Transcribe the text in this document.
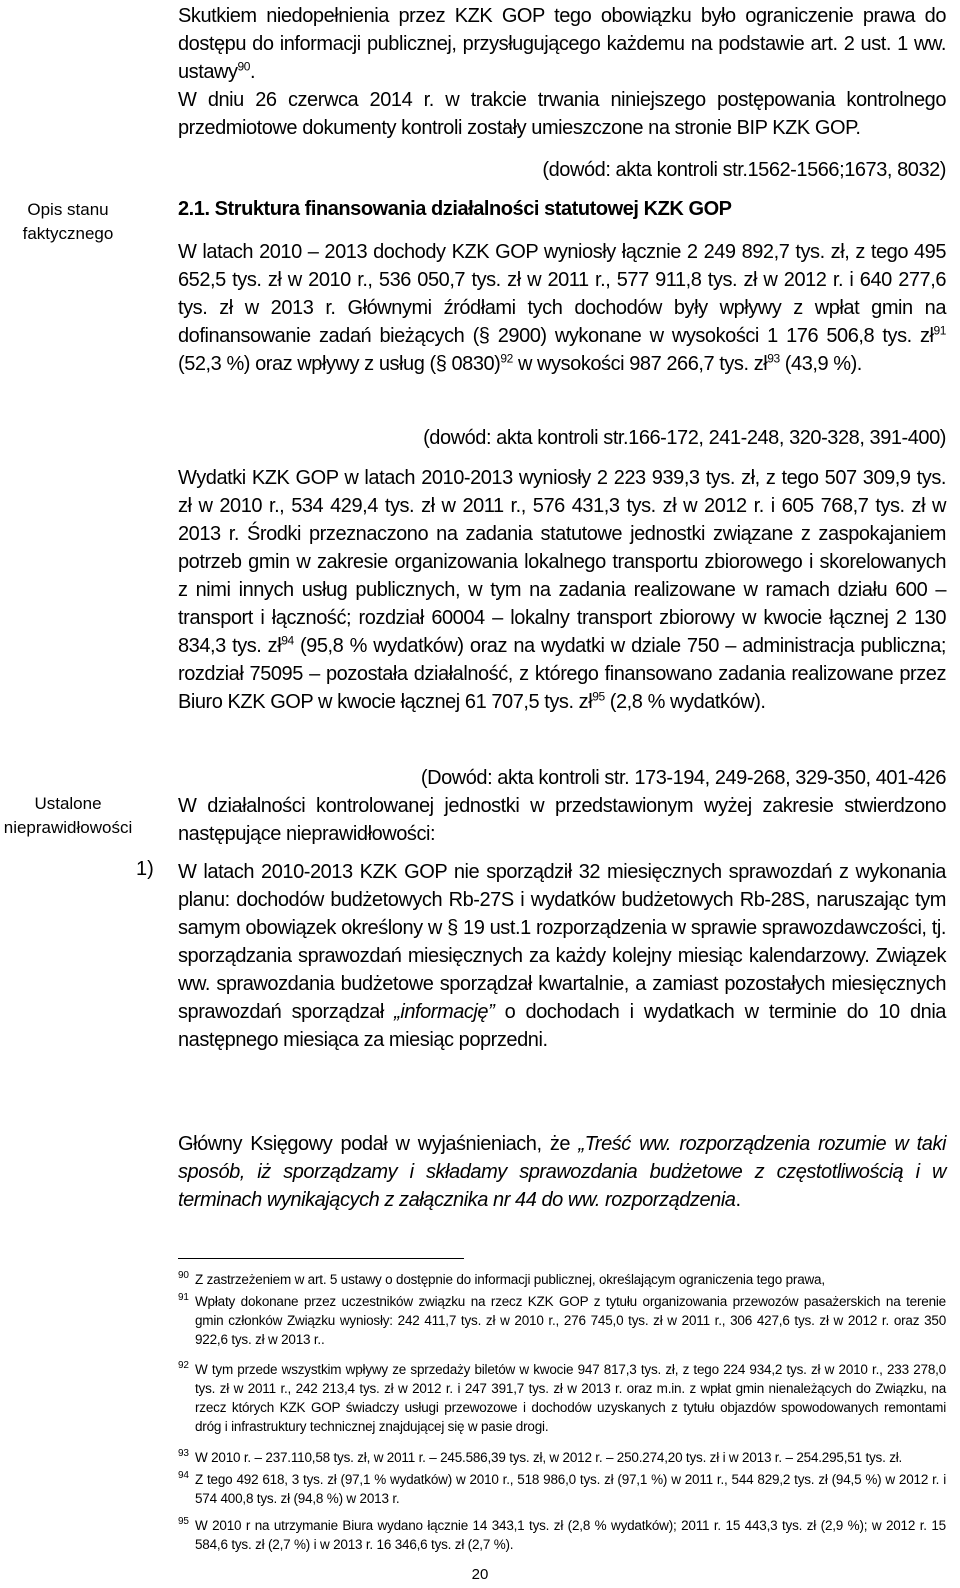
Opis stanu faktycznego
Ustalone nieprawidłowości

Skutkiem niedopełnienia przez KZK GOP tego obowiązku było ograniczenie prawa do dostępu do informacji publicznej, przysługującego każdemu na podstawie art. 2 ust. 1 ww. ustawy$^{90}$.

W dniu 26 czerwca 2014 r. w trakcie trwania niniejszego postępowania kontrolnego przedmiotowe dokumenty kontroli zostały umieszczone na stronie BIP KZK GOP.

(dowód: akta kontroli str.1562-1566;1673, 8032)
2.1. Struktura finansowania działalności statutowej KZK GOP

W latach 2010 – 2013 dochody KZK GOP wyniosły łącznie 2 249 892,7 tys. zł, z tego 495 652,5 tys. zł w 2010 r., 536 050,7 tys. zł w 2011 r., 577 911,8 tys. zł w 2012 r. i 640 277,6 tys. zł w 2013 r. Głównymi źródłami tych dochodów były wpływy z wpłat gmin na dofinansowanie zadań bieżących (§ 2900) wykonane w wysokości 1 176 506,8 tys. $zł^{91}$ (52,3 %) oraz wpływy z usług (§ 0830)$^{92}$ w wysokości 987 266,7 tys. $zł^{93}$ (43,9 %).

(dowód: akta kontroli str.166-172, 241-248, 320-328, 391-400)

Wydatki KZK GOP w latach 2010-2013 wyniosły 2 223 939,3 tys. zł, z tego 507 309,9 tys. zł w 2010 r., 534 429,4 tys. zł w 2011 r., 576 431,3 tys. zł w 2012 r. i 605 768,7 tys. zł w 2013 r. Środki przeznaczono na zadania statutowe jednostki związane z zaspokajaniem potrzeb gmin w zakresie organizowania lokalnego transportu zbiorowego i skorelowanych z nimi innych usług publicznych, w tym na zadania realizowane w ramach działu 600 – transport i łączność; rozdział 60004 – lokalny transport zbiorowy w kwocie łącznej 2 130 834,3 tys. $zł^{94}$ (95,8 % wydatków) oraz na wydatki w dziale 750 – administracja publiczna; rozdział 75095 – pozostała działalność, z którego finansowano zadania realizowane przez Biuro KZK GOP w kwocie łącznej 61 707,5 tys. $zł^{95}$ (2,8 % wydatków).

(Dowód: akta kontroli str. 173-194, 249-268, 329-350, 401-426

W działalności kontrolowanej jednostki w przedstawionym wyżej zakresie stwierdzono następujące nieprawidłowości:

1) W latach 2010-2013 KZK GOP nie sporządził 32 miesięcznych sprawozdań z wykonania planu: dochodów budżetowych Rb-27S i wydatków budżetowych Rb-28S, naruszając tym samym obowiązek określony w § 19 ust.1 rozporządzenia w sprawie sprawozdawczości, tj. sporządzania sprawozdań miesięcznych za każdy kolejny miesiąc kalendarzowy. Związek ww. sprawozdania budżetowe sporządzał kwartalnie, a zamiast pozostałych miesięcznych sprawozdań sporządzał „informację” o dochodach i wydatkach w terminie do 10 dnia następnego miesiąca za miesiąc poprzedni.

Główny Księgowy podał w wyjaśnieniach, że „Treść ww. rozporządzenia rozumie w taki sposób, iż sporządzamy i składamy sprawozdania budżetowe z częstotliwością i w terminach wynikających z załącznika nr 44 do ww. rozporządzenia.

90 Z zastrzeżeniem w art. 5 ustawy o dostępnie do informacji publicznej, określającym ograniczenia tego prawa,

91 Wpłaty dokonane przez uczestników związku na rzecz KZK GOP z tytułu organizowania przewozów pasażerskich na terenie gmin członków Związku wyniosły: 242 411,7 tys. zł w 2010 r., 276 745,0 tys. zł w 2011 r., 306 427,6 tys. zł w 2012 r. oraz 350 922,6 tys. zł w 2013 r..

92 W tym przede wszystkim wpływy ze sprzedaży biletów w kwocie 947 817,3 tys. zł, z tego 224 934,2 tys. zł w 2010 r., 233 278,0 tys. zł w 2011 r., 242 213,4 tys. zł w 2012 r. i 247 391,7 tys. zł w 2013 r. oraz m.in. z wpłat gmin nienależących do Związku, na rzecz których KZK GOP świadczy usługi przewozowe i dochodów uzyskanych z tytułu objazdów spowodowanych remontami dróg i infrastruktury technicznej znajdującej się w pasie drogi.

93 W 2010 r. – 237.110,58 tys. zł, w 2011 r. – 245.586,39 tys. zł, w 2012 r. – 250.274,20 tys. zł i w 2013 r. – 254.295,51 tys. zł.

94 Z tego 492 618, 3 tys. zł (97,1 % wydatków) w 2010 r., 518 986,0 tys. zł (97,1 %) w 2011 r., 544 829,2 tys. zł (94,5 %) w 2012 r. i 574 400,8 tys. zł (94,8 %) w 2013 r.

95 W 2010 r na utrzymanie Biura wydano łącznie 14 343,1 tys. zł (2,8 % wydatków); 2011 r. 15 443,3 tys. zł (2,9 %); w 2012 r. 15 584,6 tys. zł (2,7 %) i w 2013 r. 16 346,6 tys. zł (2,7 %).

20
